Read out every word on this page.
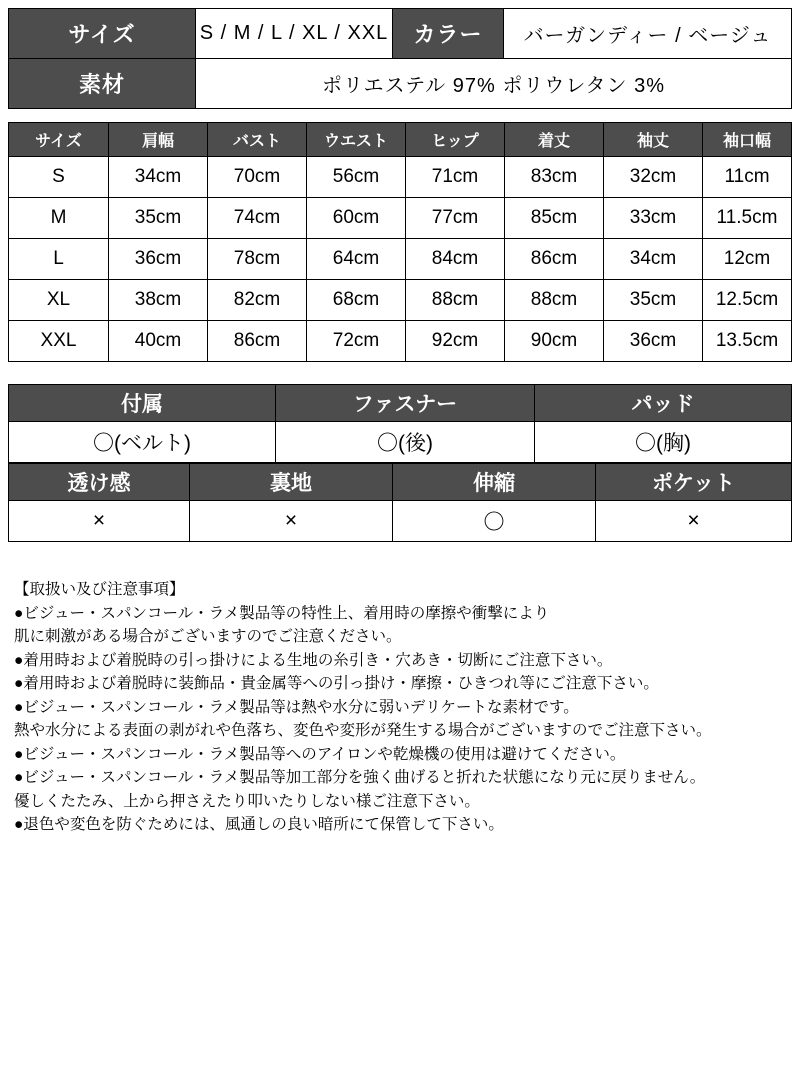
サイズ	S / M / L / XL / XXL	カラー	バーガンディー / ベージュ
素材	ポリエステル 97% ポリウレタン 3%		
サイズ	肩幅	バスト	ウエスト	ヒップ	着丈	袖丈	袖口幅
S	34cm	70cm	56cm	71cm	83cm	32cm	11cm
M	35cm	74cm	60cm	77cm	85cm	33cm	11.5cm
L	36cm	78cm	64cm	84cm	86cm	34cm	12cm
XL	38cm	82cm	68cm	88cm	88cm	35cm	12.5cm
XXL	40cm	86cm	72cm	92cm	90cm	36cm	13.5cm
付属	ファスナー	パッド
〇(ベルト)	〇(後)	〇(胸)
透け感	裏地	伸縮	ポケット
×	×	〇	×
【取扱い及び注意事項】
●ビジュー・スパンコール・ラメ製品等の特性上、着用時の摩擦や衝撃により
肌に刺激がある場合がございますのでご注意ください。
●着用時および着脱時の引っ掛けによる生地の糸引き・穴あき・切断にご注意下さい。
●着用時および着脱時に装飾品・貴金属等への引っ掛け・摩擦・ひきつれ等にご注意下さい。
●ビジュー・スパンコール・ラメ製品等は熱や水分に弱いデリケートな素材です。
熱や水分による表面の剥がれや色落ち、変色や変形が発生する場合がございますのでご注意下さい。
●ビジュー・スパンコール・ラメ製品等へのアイロンや乾燥機の使用は避けてください。
●ビジュー・スパンコール・ラメ製品等加工部分を強く曲げると折れた状態になり元に戻りません。
優しくたたみ、上から押さえたり叩いたりしない様ご注意下さい。
●退色や変色を防ぐためには、風通しの良い暗所にて保管して下さい。
